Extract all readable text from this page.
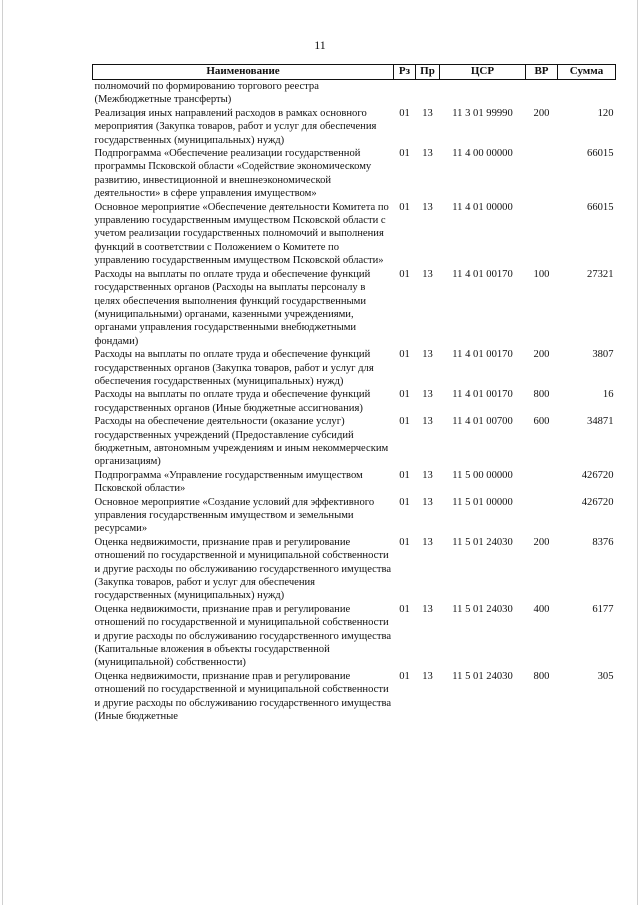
11
Наименование	Рз	Пр	ЦСР	ВР	Сумма
полномочий по формированию торгового реестра (Межбюджетные трансферты)					
Реализация иных направлений расходов в рамках основного мероприятия (Закупка товаров, работ и услуг для обеспечения государственных (муниципальных) нужд)	01	13	11 3 01 99990	200	120
Подпрограмма «Обеспечение реализации государственной программы Псковской области «Содействие экономическому развитию, инвестиционной и внешнеэкономической деятельности» в сфере управления имуществом»	01	13	11 4 00 00000		66015
Основное мероприятие «Обеспечение деятельности Комитета по управлению государственным имуществом Псковской области с учетом реализации государственных полномочий и выполнения функций в соответствии с Положением о Комитете по управлению государственным имуществом Псковской области»	01	13	11 4 01 00000		66015
Расходы на выплаты по оплате труда и обеспечение функций государственных органов (Расходы на выплаты персоналу в целях обеспечения выполнения функций государственными (муниципальными) органами, казенными учреждениями, органами управления государственными внебюджетными фондами)	01	13	11 4 01 00170	100	27321
Расходы на выплаты по оплате труда и обеспечение функций государственных органов (Закупка товаров, работ и услуг для обеспечения государственных (муниципальных) нужд)	01	13	11 4 01 00170	200	3807
Расходы на выплаты по оплате труда и обеспечение функций государственных органов (Иные бюджетные ассигнования)	01	13	11 4 01 00170	800	16
Расходы на обеспечение деятельности (оказание услуг) государственных учреждений (Предоставление субсидий бюджетным, автономным учреждениям и иным некоммерческим организациям)	01	13	11 4 01 00700	600	34871
Подпрограмма «Управление государственным имуществом Псковской области»	01	13	11 5 00 00000		426720
Основное мероприятие «Создание условий для эффективного управления государственным имуществом и земельными ресурсами»	01	13	11 5 01 00000		426720
Оценка недвижимости, признание прав и регулирование отношений по государственной и муниципальной собственности и другие расходы по обслуживанию государственного имущества (Закупка товаров, работ и услуг для обеспечения государственных (муниципальных) нужд)	01	13	11 5 01 24030	200	8376
Оценка недвижимости, признание прав и регулирование отношений по государственной и муниципальной собственности и другие расходы по обслуживанию государственного имущества (Капитальные вложения в объекты государственной (муниципальной) собственности)	01	13	11 5 01 24030	400	6177
Оценка недвижимости, признание прав и регулирование отношений по государственной и муниципальной собственности и другие расходы по обслуживанию государственного имущества (Иные бюджетные	01	13	11 5 01 24030	800	305
